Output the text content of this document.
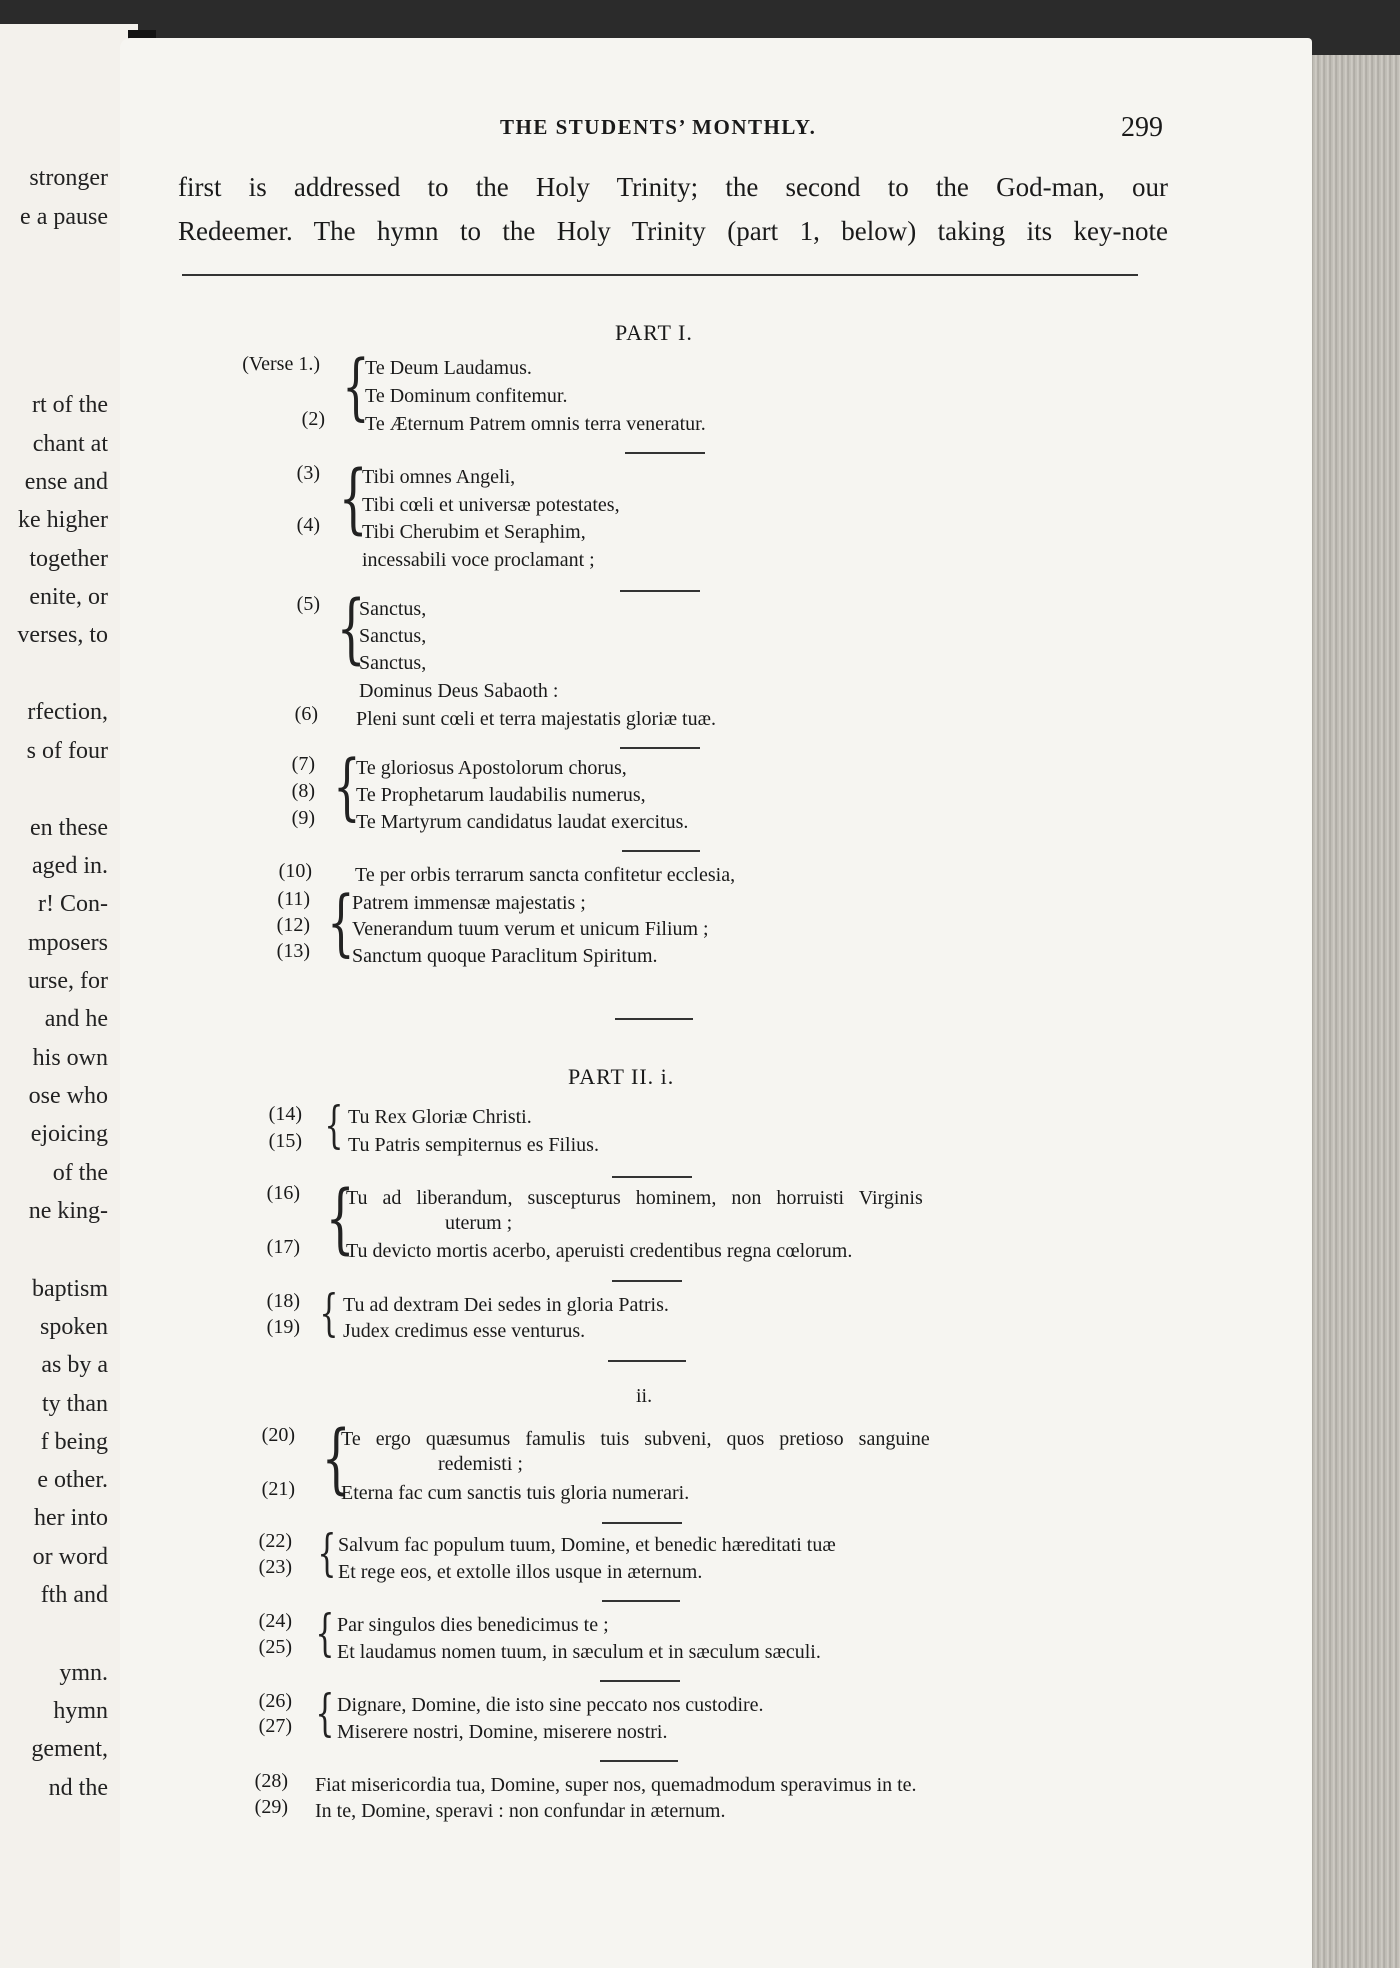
stronger
e a pause
rt of the
chant at
ense and
ke higher
together
enite, or
verses, to
rfection,
s of four
en these
aged in.
r! Con-
mposers
urse, for
and he
his own
ose who
ejoicing
of the
ne king-
baptism
spoken
as by a
ty than
f being
e other.
her into
or word
fth and
ymn.
hymn
gement,
nd the
THE STUDENTS’ MONTHLY.	299
first is addressed to the Holy Trinity; the second to the God-man, our
Redeemer. The hymn to the Holy Trinity (part 1, below) taking its key-note
PART I.
(Verse 1.) {
Te Deum Laudamus.
Te Dominum confitemur.
(2) Te Æternum Patrem omnis terra veneratur.
(3) {
Tibi omnes Angeli,
Tibi cœli et universæ potestates,
(4) Tibi Cherubim et Seraphim,
incessabili voce proclamant ;
(5) {
Sanctus,
Sanctus,
Sanctus,
Dominus Deus Sabaoth :
(6) Pleni sunt cœli et terra majestatis gloriæ tuæ.
(7) {
Te gloriosus Apostolorum chorus,
(8) Te Prophetarum laudabilis numerus,
(9) Te Martyrum candidatus laudat exercitus.
(10) Te per orbis terrarum sancta confitetur ecclesia,
(11) {
Patrem immensæ majestatis ;
(12) Venerandum tuum verum et unicum Filium ;
(13) Sanctum quoque Paraclitum Spiritum.
PART II. i.
(14) { Tu Rex Gloriæ Christi.
(15) Tu Patris sempiternus es Filius.
(16) {
Tu ad liberandum, suscepturus hominem, non horruisti Virginis
uterum ;
(17) Tu devicto mortis acerbo, aperuisti credentibus regna cœlorum.
(18) { Tu ad dextram Dei sedes in gloria Patris.
(19) Judex credimus esse venturus.
ii.
(20) {
Te ergo quæsumus famulis tuis subveni, quos pretioso sanguine
redemisti ;
(21) Eterna fac cum sanctis tuis gloria numerari.
(22) { Salvum fac populum tuum, Domine, et benedic hæreditati tuæ
(23) Et rege eos, et extolle illos usque in æternum.
(24) { Par singulos dies benedicimus te ;
(25) Et laudamus nomen tuum, in sæculum et in sæculum sæculi.
(26) { Dignare, Domine, die isto sine peccato nos custodire.
(27) Miserere nostri, Domine, miserere nostri.
(28) Fiat misericordia tua, Domine, super nos, quemadmodum speravimus in te.
(29) In te, Domine, speravi : non confundar in æternum.
